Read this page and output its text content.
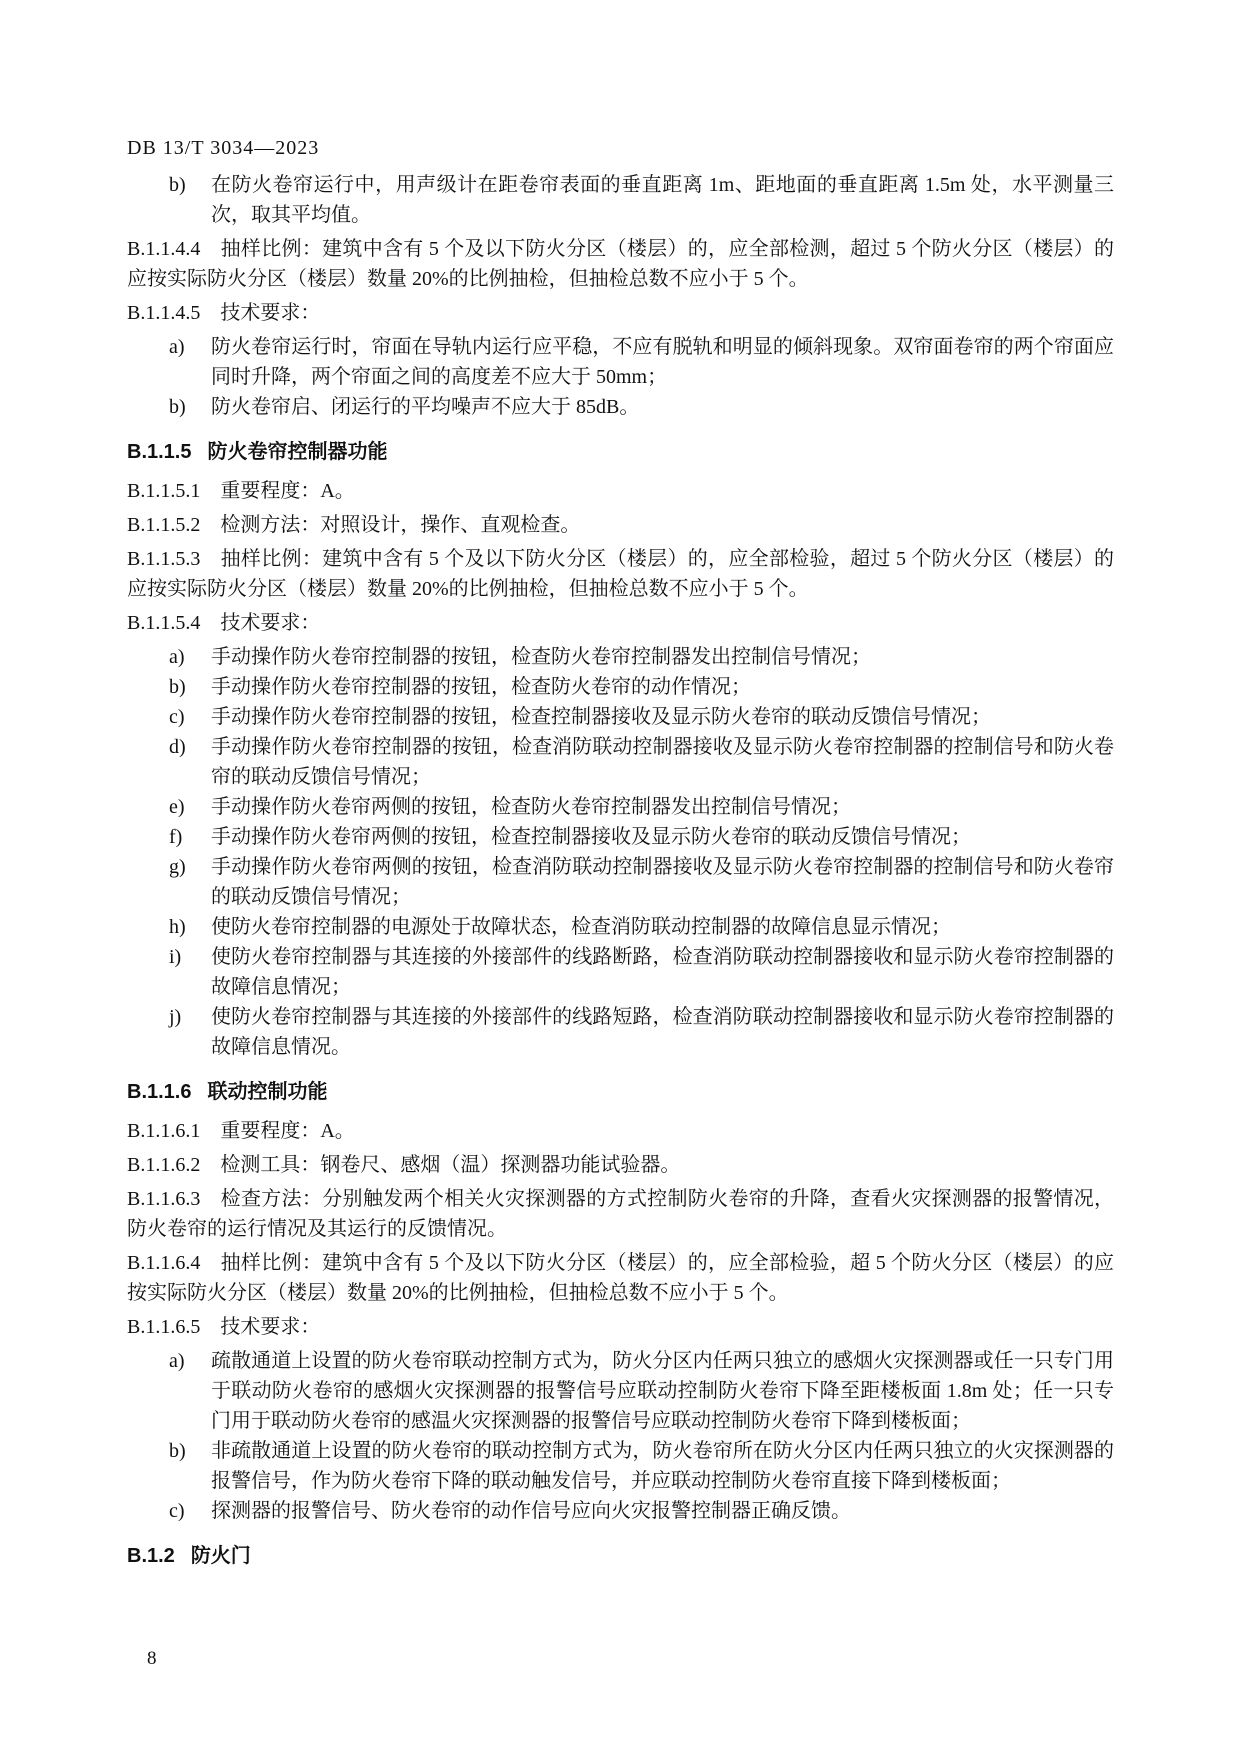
DB 13/T 3034—2023
b)	在防火卷帘运行中，用声级计在距卷帘表面的垂直距离 1m、距地面的垂直距离 1.5m 处，水平测量三次，取其平均值。

B.1.1.4.4 抽样比例：建筑中含有 5 个及以下防火分区（楼层）的，应全部检测，超过 5 个防火分区（楼层）的应按实际防火分区（楼层）数量 20%的比例抽检，但抽检总数不应小于 5 个。

B.1.1.4.5 技术要求：

a)	防火卷帘运行时，帘面在导轨内运行应平稳，不应有脱轨和明显的倾斜现象。双帘面卷帘的两个帘面应同时升降，两个帘面之间的高度差不应大于 50mm；
b)	防火卷帘启、闭运行的平均噪声不应大于 85dB。

B.1.1.5 防火卷帘控制器功能

B.1.1.5.1 重要程度：A。

B.1.1.5.2 检测方法：对照设计，操作、直观检查。

B.1.1.5.3 抽样比例：建筑中含有 5 个及以下防火分区（楼层）的，应全部检验，超过 5 个防火分区（楼层）的应按实际防火分区（楼层）数量 20%的比例抽检，但抽检总数不应小于 5 个。

B.1.1.5.4 技术要求：

a)	手动操作防火卷帘控制器的按钮，检查防火卷帘控制器发出控制信号情况；
b)	手动操作防火卷帘控制器的按钮，检查防火卷帘的动作情况；
c)	手动操作防火卷帘控制器的按钮，检查控制器接收及显示防火卷帘的联动反馈信号情况；
d)	手动操作防火卷帘控制器的按钮，检查消防联动控制器接收及显示防火卷帘控制器的控制信号和防火卷帘的联动反馈信号情况；
e)	手动操作防火卷帘两侧的按钮，检查防火卷帘控制器发出控制信号情况；
f)	手动操作防火卷帘两侧的按钮，检查控制器接收及显示防火卷帘的联动反馈信号情况；
g)	手动操作防火卷帘两侧的按钮，检查消防联动控制器接收及显示防火卷帘控制器的控制信号和防火卷帘的联动反馈信号情况；
h)	使防火卷帘控制器的电源处于故障状态，检查消防联动控制器的故障信息显示情况；
i)	使防火卷帘控制器与其连接的外接部件的线路断路，检查消防联动控制器接收和显示防火卷帘控制器的故障信息情况；
j)	使防火卷帘控制器与其连接的外接部件的线路短路，检查消防联动控制器接收和显示防火卷帘控制器的故障信息情况。

B.1.1.6 联动控制功能

B.1.1.6.1 重要程度：A。

B.1.1.6.2 检测工具：钢卷尺、感烟（温）探测器功能试验器。

B.1.1.6.3 检查方法：分别触发两个相关火灾探测器的方式控制防火卷帘的升降，查看火灾探测器的报警情况，防火卷帘的运行情况及其运行的反馈情况。

B.1.1.6.4 抽样比例：建筑中含有 5 个及以下防火分区（楼层）的，应全部检验，超 5 个防火分区（楼层）的应按实际防火分区（楼层）数量 20%的比例抽检，但抽检总数不应小于 5 个。

B.1.1.6.5 技术要求：

a)	疏散通道上设置的防火卷帘联动控制方式为，防火分区内任两只独立的感烟火灾探测器或任一只专门用于联动防火卷帘的感烟火灾探测器的报警信号应联动控制防火卷帘下降至距楼板面 1.8m 处；任一只专门用于联动防火卷帘的感温火灾探测器的报警信号应联动控制防火卷帘下降到楼板面；
b)	非疏散通道上设置的防火卷帘的联动控制方式为，防火卷帘所在防火分区内任两只独立的火灾探测器的报警信号，作为防火卷帘下降的联动触发信号，并应联动控制防火卷帘直接下降到楼板面；
c)	探测器的报警信号、防火卷帘的动作信号应向火灾报警控制器正确反馈。

B.1.2 防火门

8
